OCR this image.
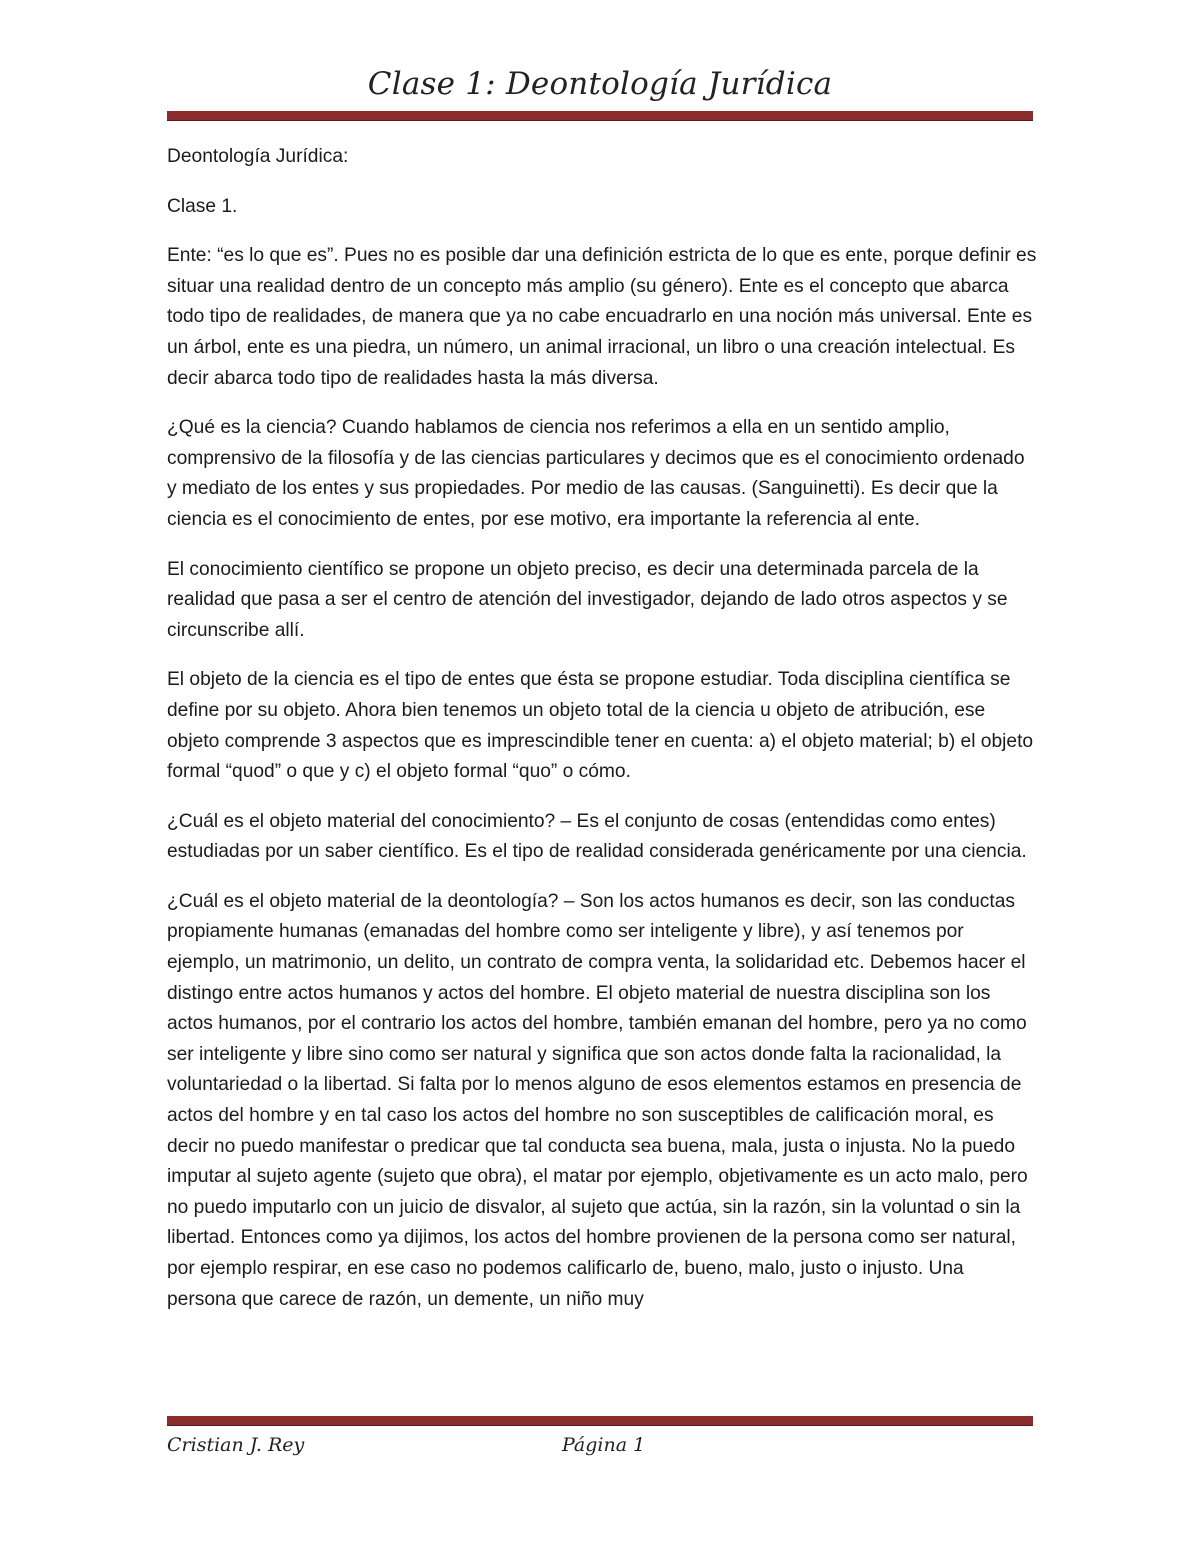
Clase 1: Deontología Jurídica

Deontología Jurídica:

Clase 1.

Ente: “es lo que es”. Pues no es posible dar una definición estricta de lo que es ente, porque definir es situar una realidad dentro de un concepto más amplio (su género). Ente es el concepto que abarca todo tipo de realidades, de manera que ya no cabe encuadrarlo en una noción más universal. Ente es un árbol, ente es una piedra, un número, un animal irracional, un libro o una creación intelectual. Es decir abarca todo tipo de realidades hasta la más diversa.

¿Qué es la ciencia? Cuando hablamos de ciencia nos referimos a ella en un sentido amplio, comprensivo de la filosofía y de las ciencias particulares y decimos que es el conocimiento ordenado y mediato de los entes y sus propiedades. Por medio de las causas. (Sanguinetti). Es decir que la ciencia es el conocimiento de entes, por ese motivo, era importante la referencia al ente.

El conocimiento científico se propone un objeto preciso, es decir una determinada parcela de la realidad que pasa a ser el centro de atención del investigador, dejando de lado otros aspectos y se circunscribe allí.

El objeto de la ciencia es el tipo de entes que ésta se propone estudiar. Toda disciplina científica se define por su objeto. Ahora bien tenemos un objeto total de la ciencia u objeto de atribución, ese objeto comprende 3 aspectos que es imprescindible tener en cuenta: a) el objeto material; b) el objeto formal “quod” o que y c) el objeto formal “quo” o cómo.

¿Cuál es el objeto material del conocimiento? – Es el conjunto de cosas (entendidas como entes) estudiadas por un saber científico. Es el tipo de realidad considerada genéricamente por una ciencia.

¿Cuál es el objeto material de la deontología? – Son los actos humanos es decir, son las conductas propiamente humanas (emanadas del hombre como ser inteligente y libre), y así tenemos por ejemplo, un matrimonio, un delito, un contrato de compra venta, la solidaridad etc. Debemos hacer el distingo entre actos humanos y actos del hombre. El objeto material de nuestra disciplina son los actos humanos, por el contrario los actos del hombre, también emanan del hombre, pero ya no como ser inteligente y libre sino como ser natural y significa que son actos donde falta la racionalidad, la voluntariedad o la libertad. Si falta por lo menos alguno de esos elementos estamos en presencia de actos del hombre y en tal caso los actos del hombre no son susceptibles de calificación moral, es decir no puedo manifestar o predicar que tal conducta sea buena, mala, justa o injusta. No la puedo imputar al sujeto agente (sujeto que obra), el matar por ejemplo, objetivamente es un acto malo, pero no puedo imputarlo con un juicio de disvalor, al sujeto que actúa, sin la razón, sin la voluntad o sin la libertad. Entonces como ya dijimos, los actos del hombre provienen de la persona como ser natural, por ejemplo respirar, en ese caso no podemos calificarlo de, bueno, malo, justo o injusto. Una persona que carece de razón, un demente, un niño muy

Cristian J. Rey	Página 1
